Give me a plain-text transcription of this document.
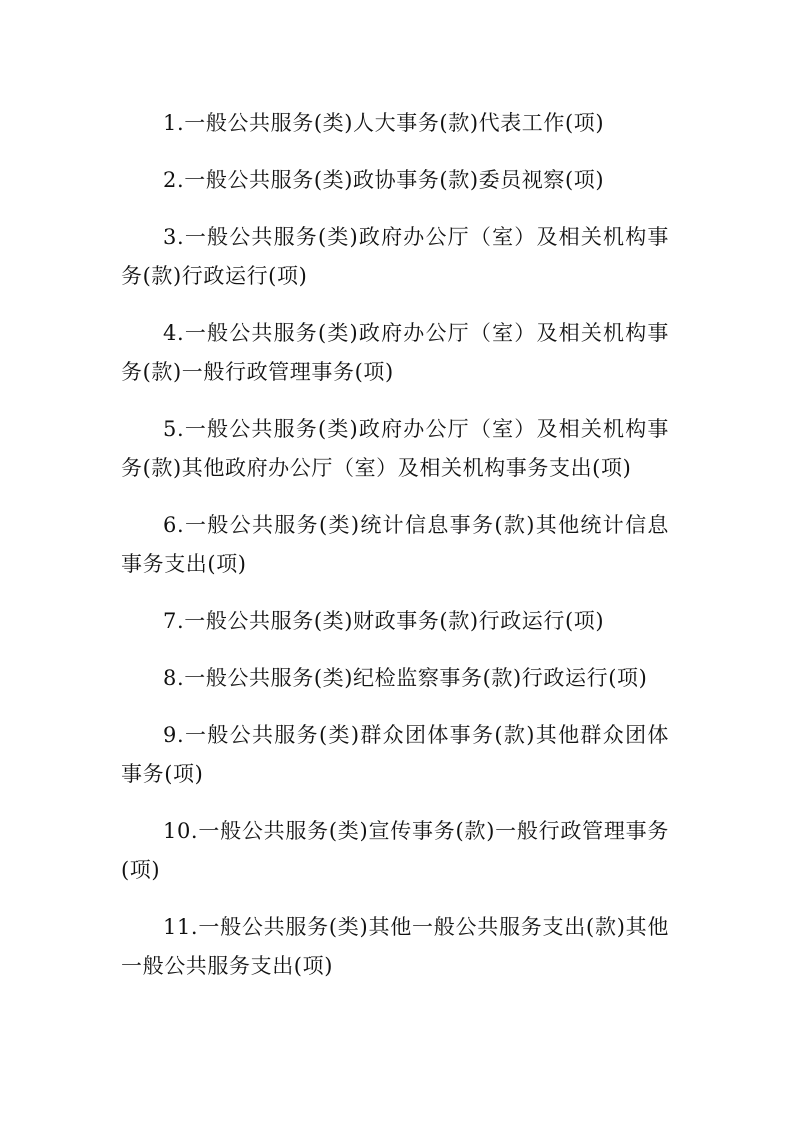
1.一般公共服务(类)人大事务(款)代表工作(项)

2.一般公共服务(类)政协事务(款)委员视察(项)

3.一般公共服务(类)政府办公厅（室）及相关机构事务(款)行政运行(项)

4.一般公共服务(类)政府办公厅（室）及相关机构事务(款)一般行政管理事务(项)

5.一般公共服务(类)政府办公厅（室）及相关机构事务(款)其他政府办公厅（室）及相关机构事务支出(项)

6.一般公共服务(类)统计信息事务(款)其他统计信息事务支出(项)

7.一般公共服务(类)财政事务(款)行政运行(项)

8.一般公共服务(类)纪检监察事务(款)行政运行(项)

9.一般公共服务(类)群众团体事务(款)其他群众团体事务(项)

10.一般公共服务(类)宣传事务(款)一般行政管理事务(项)

11.一般公共服务(类)其他一般公共服务支出(款)其他一般公共服务支出(项)
